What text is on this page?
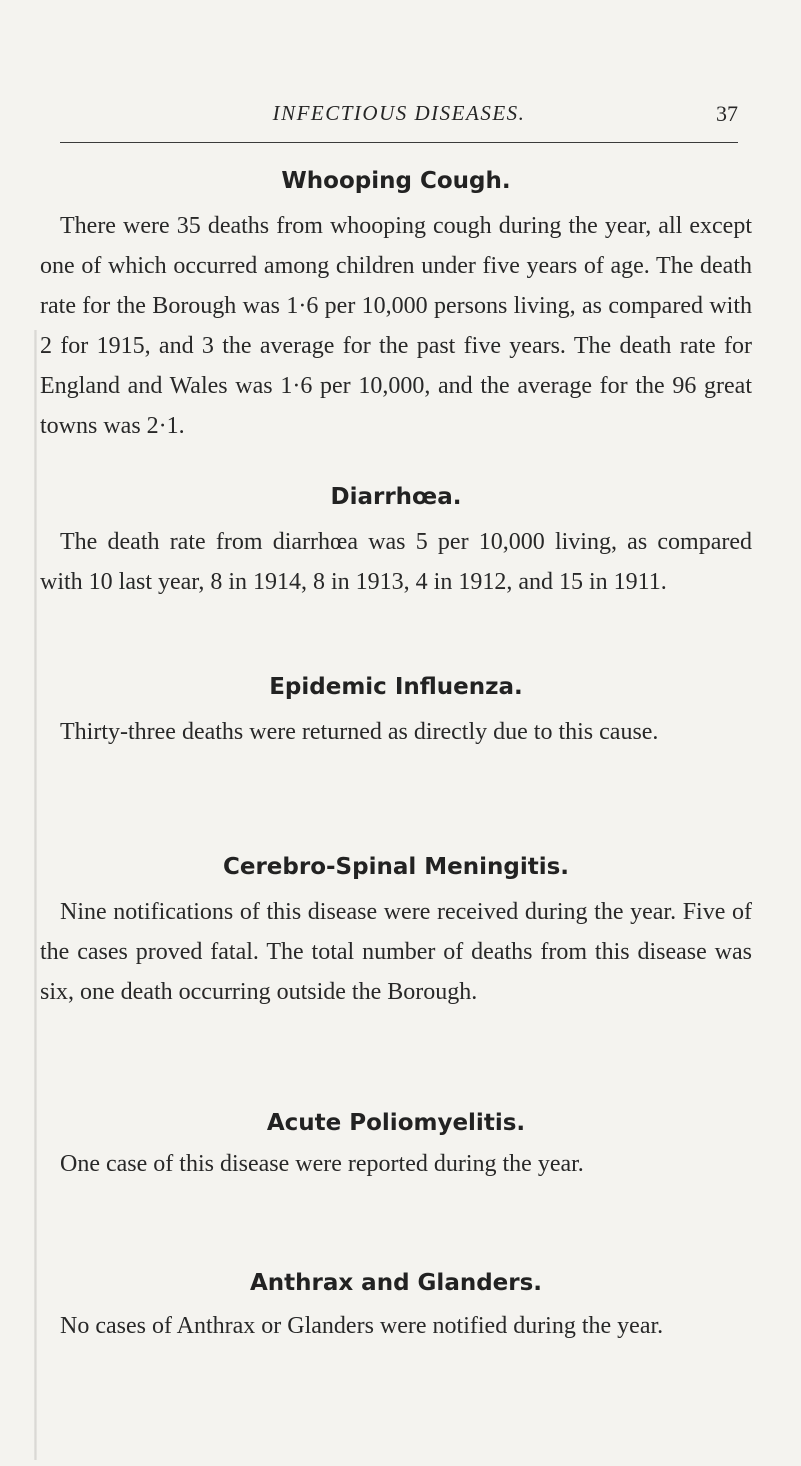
INFECTIOUS DISEASES.	37
Whooping Cough.

There were 35 deaths from whooping cough during the year, all except one of which occurred among children under five years of age. The death rate for the Borough was 1·6 per 10,000 persons living, as compared with 2 for 1915, and 3 the average for the past five years. The death rate for England and Wales was 1·6 per 10,000, and the average for the 96 great towns was 2·1.

Diarrhœa.

The death rate from diarrhœa was 5 per 10,000 living, as compared with 10 last year, 8 in 1914, 8 in 1913, 4 in 1912, and 15 in 1911.

Epidemic Influenza.

Thirty-three deaths were returned as directly due to this cause.

Cerebro-Spinal Meningitis.

Nine notifications of this disease were received during the year. Five of the cases proved fatal. The total number of deaths from this disease was six, one death occurring outside the Borough.

Acute Poliomyelitis.

One case of this disease were reported during the year.

Anthrax and Glanders.

No cases of Anthrax or Glanders were notified during the year.
